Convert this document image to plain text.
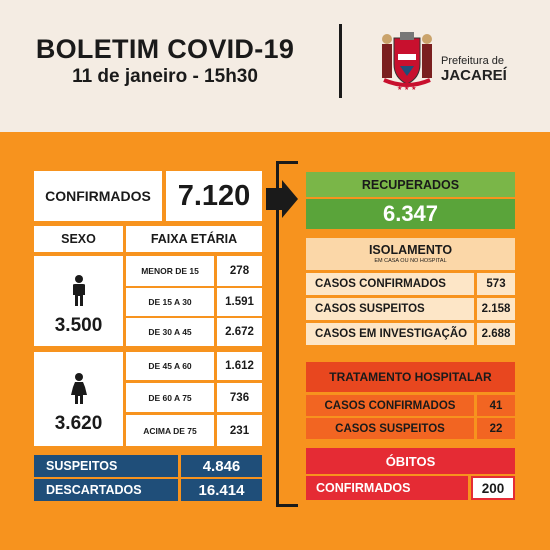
BOLETIM COVID-19
11 de janeiro - 15h30
★ ★ ★
Prefeitura de
JACAREÍ
CONFIRMADOS 7.120
SEXO	FAIXA ETÁRIA
3.500
3.620
MENOR DE 15	278
DE 15 A 30	1.591
DE 30 A 45	2.672
DE 45 A 60	1.612
DE 60 A 75	736
ACIMA DE 75	231
SUSPEITOS	4.846
DESCARTADOS	16.414
RECUPERADOS
6.347
ISOLAMENTO
EM CASA OU NO HOSPITAL
CASOS CONFIRMADOS	573
CASOS SUSPEITOS	2.158
CASOS EM INVESTIGAÇÃO	2.688
TRATAMENTO HOSPITALAR
CASOS CONFIRMADOS	41
CASOS SUSPEITOS	22
ÓBITOS
CONFIRMADOS	200
